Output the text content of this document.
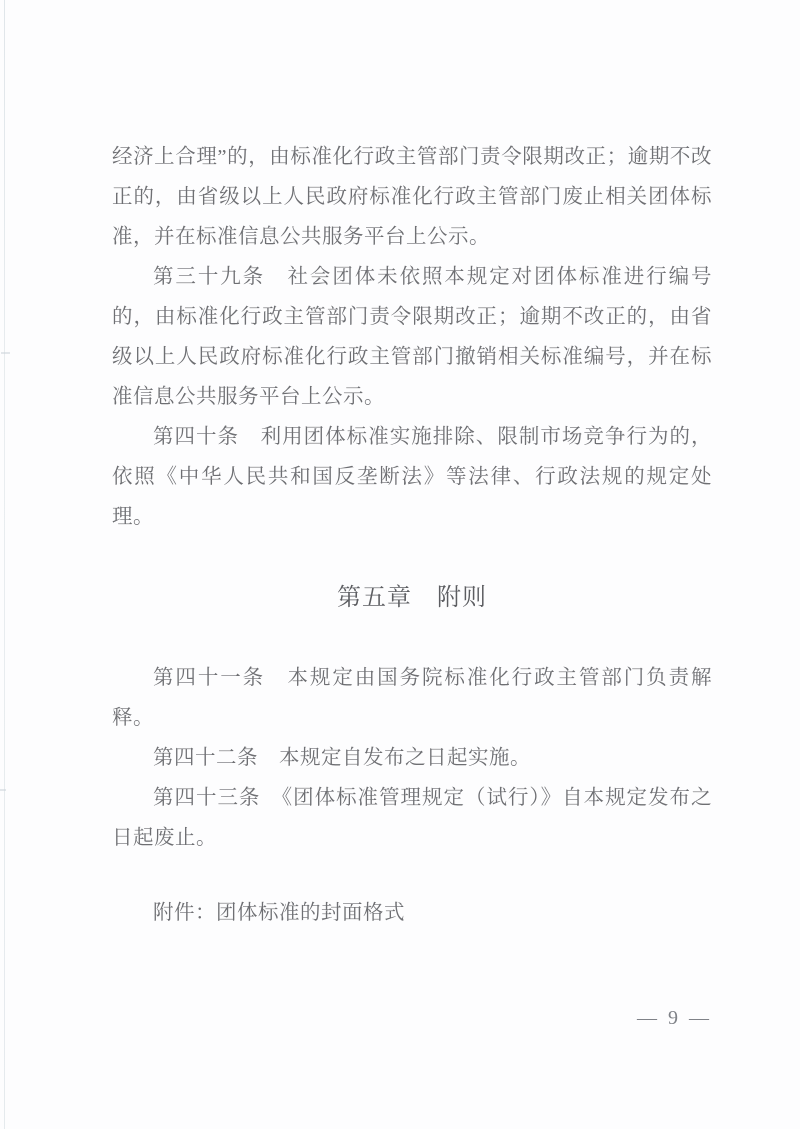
经济上合理”的，由标准化行政主管部门责令限期改正；逾期不改正的，由省级以上人民政府标准化行政主管部门废止相关团体标准，并在标准信息公共服务平台上公示。

第三十九条　社会团体未依照本规定对团体标准进行编号的，由标准化行政主管部门责令限期改正；逾期不改正的，由省级以上人民政府标准化行政主管部门撤销相关标准编号，并在标准信息公共服务平台上公示。

第四十条　利用团体标准实施排除、限制市场竞争行为的，依照《中华人民共和国反垄断法》等法律、行政法规的规定处理。

第五章　附则

第四十一条　本规定由国务院标准化行政主管部门负责解释。

第四十二条　本规定自发布之日起实施。

第四十三条　《团体标准管理规定（试行）》自本规定发布之日起废止。

附件：团体标准的封面格式

— 9 —
